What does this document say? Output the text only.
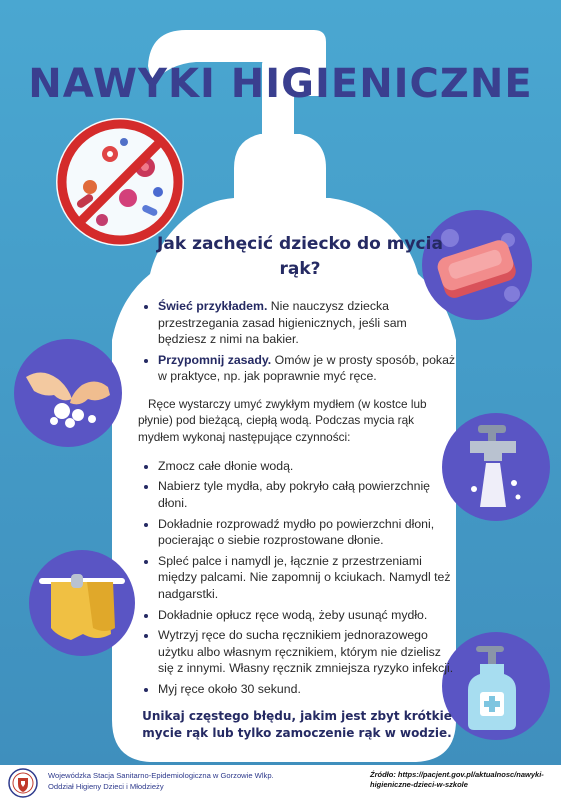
NAWYKI HIGIENICZNE
Jak zachęcić dziecko do mycia rąk?
• Świeć przykładem. Nie nauczysz dziecka przestrzegania zasad higienicznych, jeśli sam będziesz z nimi na bakier.
• Przypomnij zasady. Omów je w prosty sposób, pokaż w praktyce, np. jak poprawnie myć ręce.
Ręce wystarczy umyć zwykłym mydłem (w kostce lub płynie) pod bieżącą, ciepłą wodą. Podczas mycia rąk mydłem wykonaj następujące czynności:
• Zmocz całe dłonie wodą.
• Nabierz tyle mydła, aby pokryło całą powierzchnię dłoni.
• Dokładnie rozprowadź mydło po powierzchni dłoni, pocierając o siebie rozprostowane dłonie.
• Spleć palce i namydl je, łącznie z przestrzeniami między palcami. Nie zapomnij o kciukach. Namydl też nadgarstki.
• Dokładnie opłucz ręce wodą, żeby usunąć mydło.
• Wytrzyj ręce do sucha ręcznikiem jednorazowego użytku albo własnym ręcznikiem, którym nie dzielisz się z innymi. Własny ręcznik zmniejsza ryzyko infekcji.
• Myj ręce około 30 sekund.
Unikaj częstego błędu, jakim jest zbyt krótkie mycie rąk lub tylko zamoczenie rąk w wodzie.
Wojewódzka Stacja Sanitarno-Epidemiologiczna w Gorzowie Wlkp.
Oddział Higieny Dzieci i Młodzieży
Źródło: https://pacjent.gov.pl/aktualnosc/nawyki-higieniczne-dzieci-w-szkole
